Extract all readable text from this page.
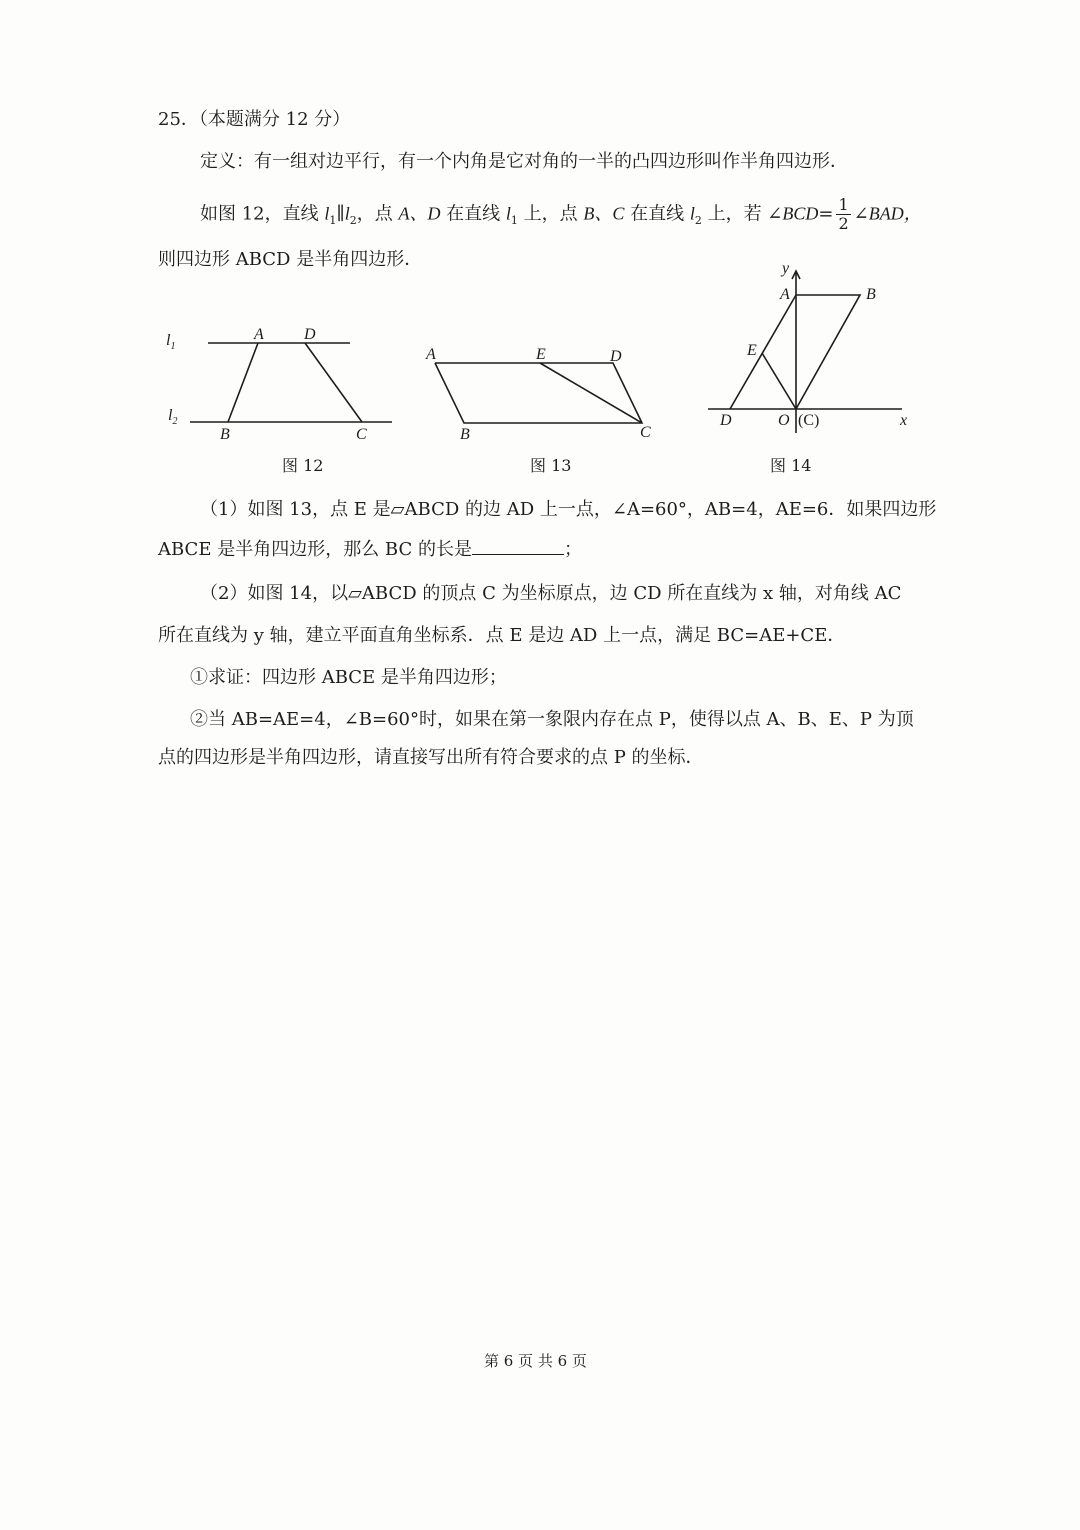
25．（本题满分 12 分）
定义：有一组对边平行，有一个内角是它对角的一半的凸四边形叫作半角四边形．
如图 12，直线 $l_1\parallel l_2$，点 A、D 在直线 $l_1$ 上，点 B、C 在直线 $l_2$ 上，若 ∠BCD= $\frac{1}{2}$ ∠BAD，
则四边形 ABCD 是半角四边形．
$l_1$
$l_2$
A	D
B	C
图 12
A	E	D
B	C
图 13
y
A	B
E
D	O (C)	x
图 14
（1）如图 13，点 E 是▱ABCD 的边 AD 上一点，∠A=60°，AB=4，AE=6．如果四边形
ABCE 是半角四边形，那么 BC 的长是	；
（2）如图 14，以▱ABCD 的顶点 C 为坐标原点，边 CD 所在直线为 x 轴，对角线 AC
所在直线为 y 轴，建立平面直角坐标系．点 E 是边 AD 上一点，满足 BC=AE+CE．
①求证：四边形 ABCE 是半角四边形；
②当 AB=AE=4，∠B=60°时，如果在第一象限内存在点 P，使得以点 A、B、E、P 为顶
点的四边形是半角四边形，请直接写出所有符合要求的点 P 的坐标．
第 6 页 共 6 页
